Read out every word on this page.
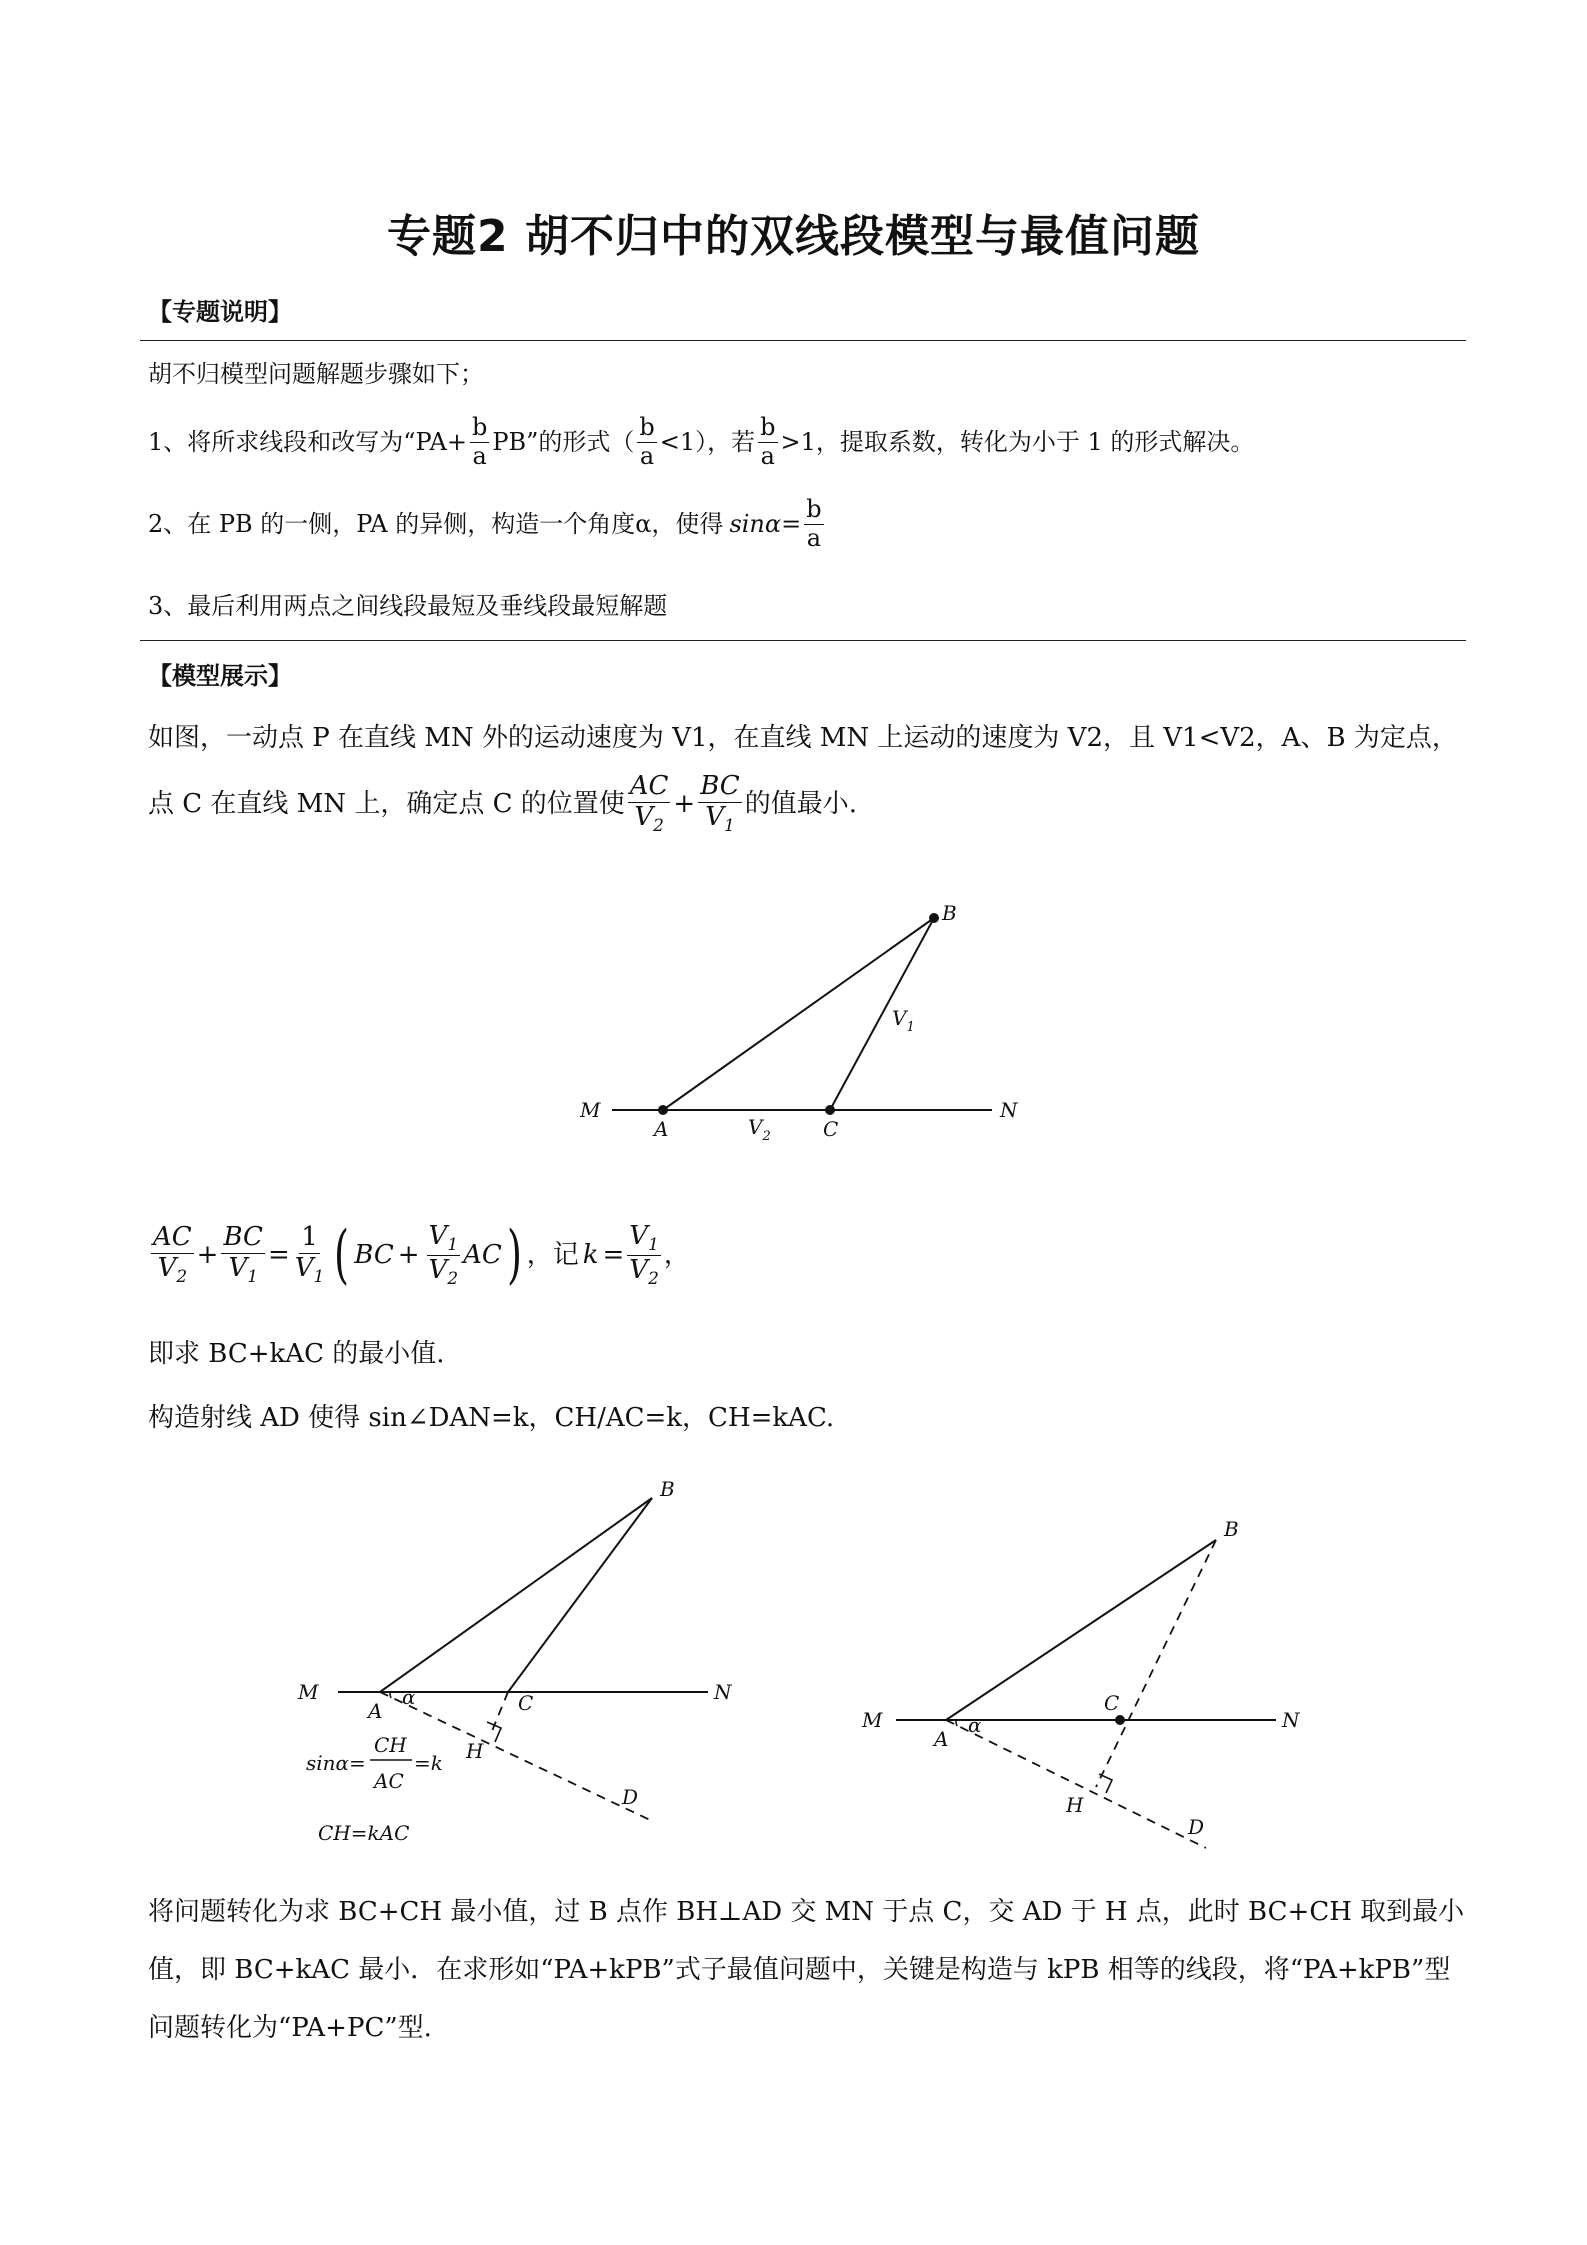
专题2 胡不归中的双线段模型与最值问题
【专题说明】
胡不归模型问题解题步骤如下；
1、将所求线段和改写为“$PA+ \frac{b}{a}$ PB”的形式（ $\frac{b}{a} <1$），若 $\frac{b}{a} >1$，提取系数，转化为小于 1 的形式解决。
2、在 PB 的一侧，PA 的异侧，构造一个角度α，使得 $\sin\alpha= \frac{b}{a}$
3、最后利用两点之间线段最短及垂线段最短解题
【模型展示】
如图，一动点 P 在直线 MN 外的运动速度为 V1，在直线 MN 上运动的速度为 V2，且 V1<V2，A、B 为定点，
点 C 在直线 MN 上，确定点 C 的位置使 $\frac{AC}{V_2} + \frac{BC}{V_1}$ 的值最小.
B
M
A	C
N
$V_1$
$V_2$
$\frac{AC}{V_2} + \frac{BC}{V_1} = \frac{1}{V_1}$ ( BC + $\frac{V_1}{V_2}$ AC ) ，记 $k = \frac{V_1}{V_2}$ ，
即求 BC+kAC 的最小值.
构造射线 AD 使得 sin∠DAN=k，CH/AC=k，CH=kAC.
B
M
A	C	N
H
D
α
sinα=
CH
AC
=k
CH=kAC
B
M
A
C
N
H
D
α
将问题转化为求 BC+CH 最小值，过 B 点作 BH⊥AD 交 MN 于点 C，交 AD 于 H 点，此时 BC+CH 取到最小
值，即 BC+kAC 最小．在求形如“PA+kPB”式子最值问题中，关键是构造与 kPB 相等的线段，将“PA+kPB”型
问题转化为“PA+PC”型.
